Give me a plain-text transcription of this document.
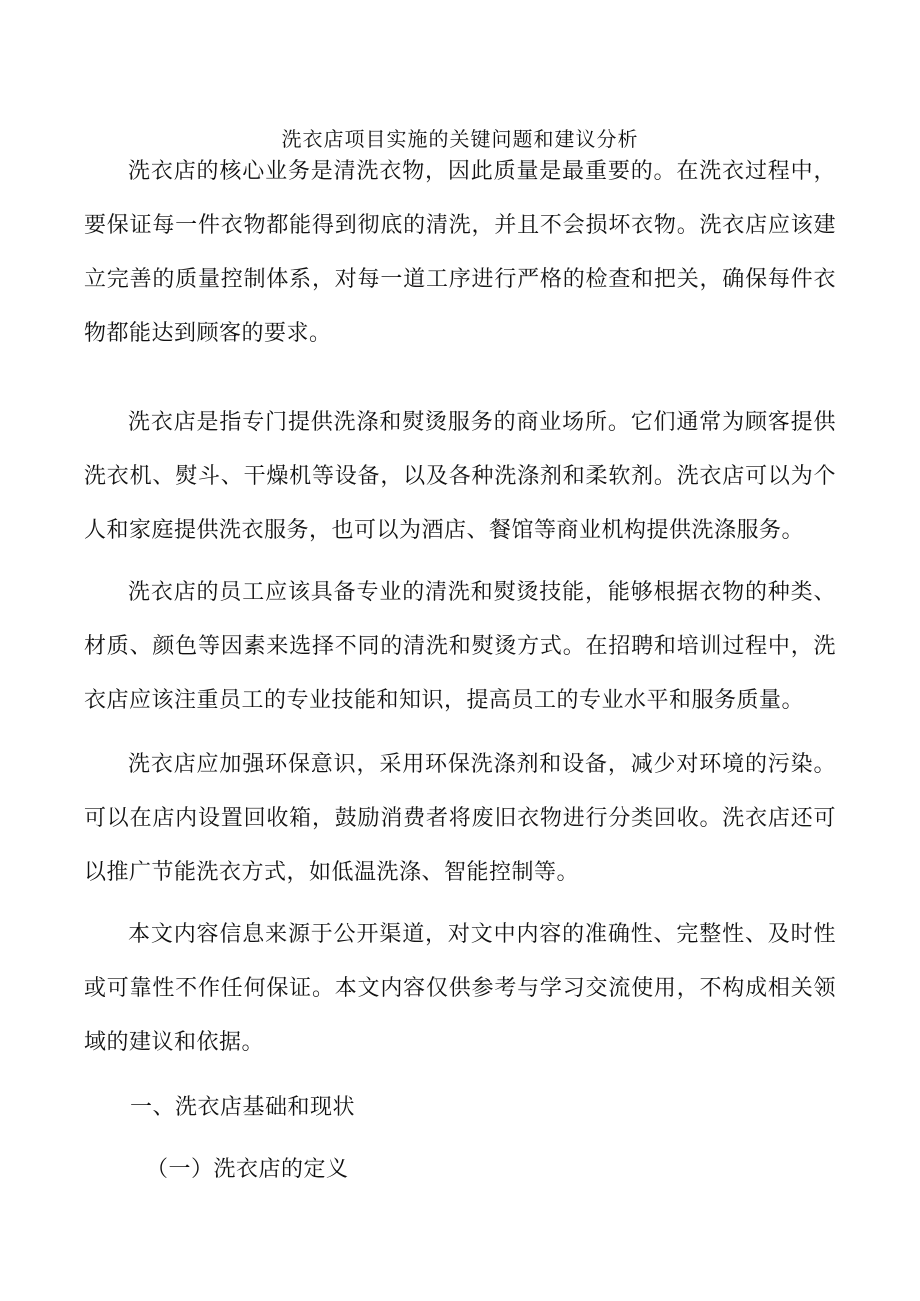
洗衣店项目实施的关键问题和建议分析

洗衣店的核心业务是清洗衣物，因此质量是最重要的。在洗衣过程中，要保证每一件衣物都能得到彻底的清洗，并且不会损坏衣物。洗衣店应该建立完善的质量控制体系，对每一道工序进行严格的检查和把关，确保每件衣物都能达到顾客的要求。

洗衣店是指专门提供洗涤和熨烫服务的商业场所。它们通常为顾客提供洗衣机、熨斗、干燥机等设备，以及各种洗涤剂和柔软剂。洗衣店可以为个人和家庭提供洗衣服务，也可以为酒店、餐馆等商业机构提供洗涤服务。

洗衣店的员工应该具备专业的清洗和熨烫技能，能够根据衣物的种类、材质、颜色等因素来选择不同的清洗和熨烫方式。在招聘和培训过程中，洗衣店应该注重员工的专业技能和知识，提高员工的专业水平和服务质量。

洗衣店应加强环保意识，采用环保洗涤剂和设备，减少对环境的污染。可以在店内设置回收箱，鼓励消费者将废旧衣物进行分类回收。洗衣店还可以推广节能洗衣方式，如低温洗涤、智能控制等。

本文内容信息来源于公开渠道，对文中内容的准确性、完整性、及时性或可靠性不作任何保证。本文内容仅供参考与学习交流使用，不构成相关领域的建议和依据。

一、洗衣店基础和现状

（一）洗衣店的定义
